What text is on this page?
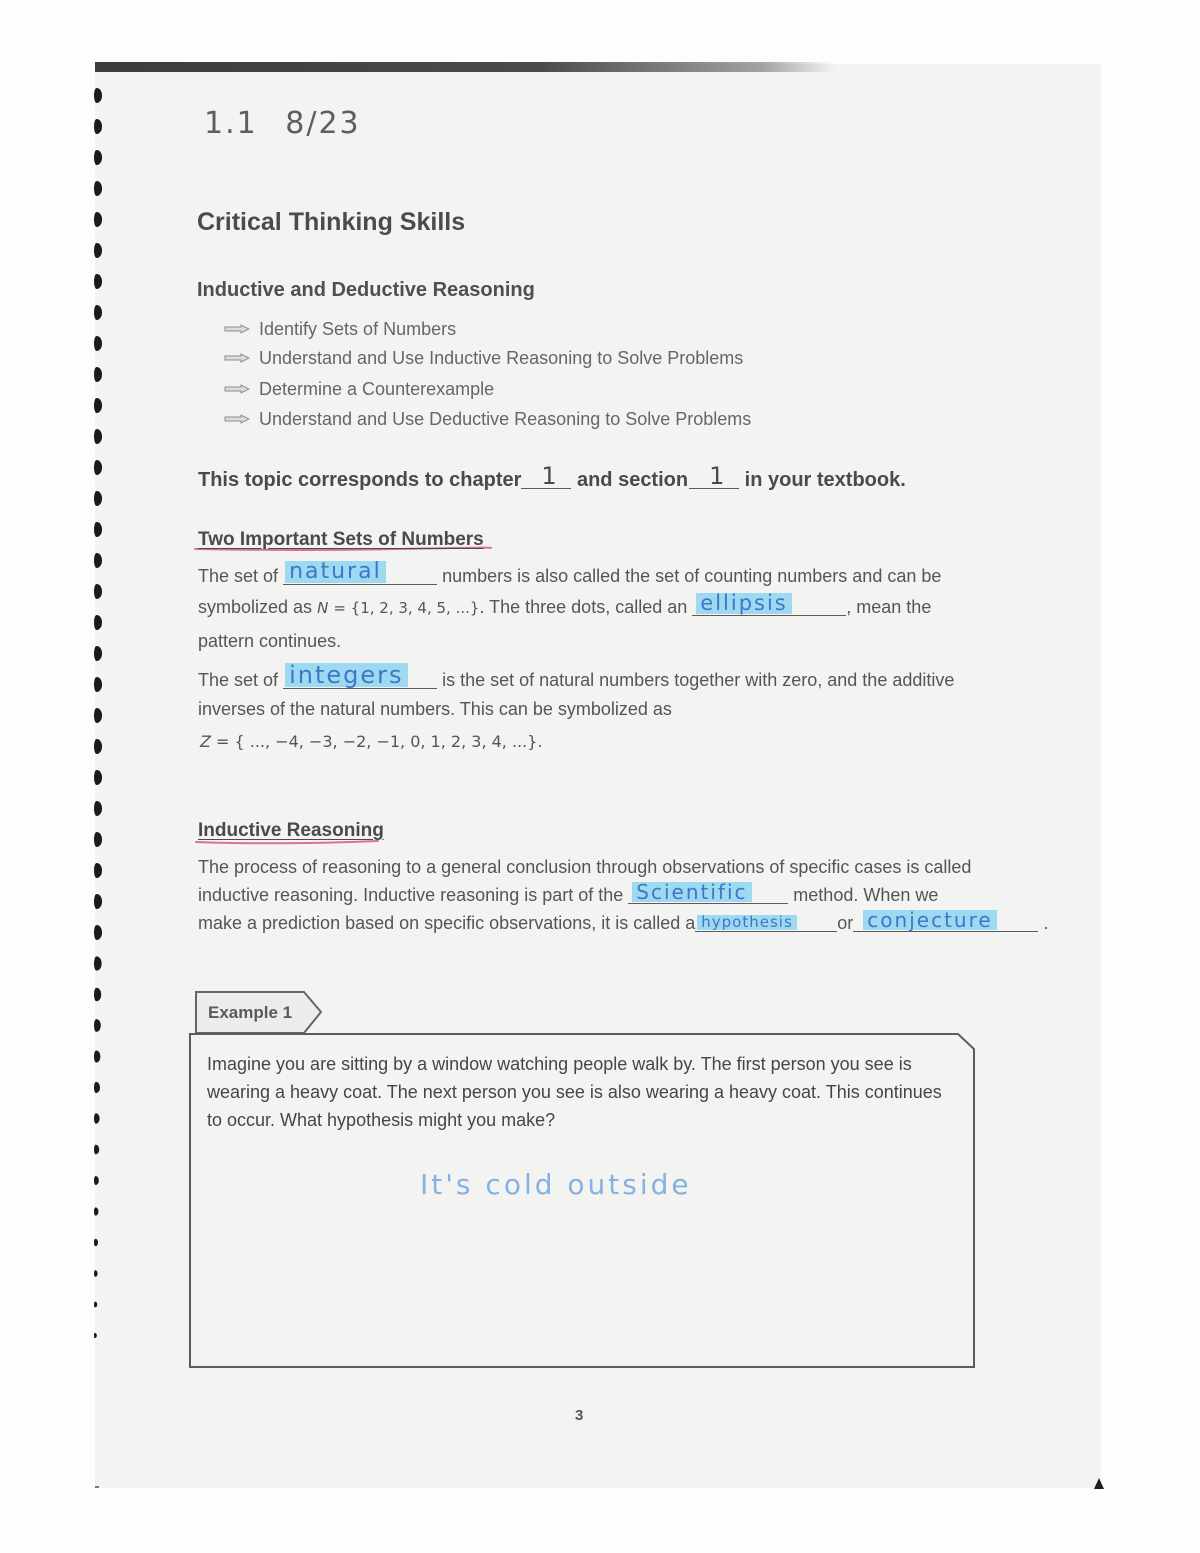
1.1 8/23
Critical Thinking Skills
Inductive and Deductive Reasoning
Identify Sets of Numbers
Understand and Use Inductive Reasoning to Solve Problems
Determine a Counterexample
Understand and Use Deductive Reasoning to Solve Problems
This topic corresponds to chapter 1 and section 1 in your textbook.
Two Important Sets of Numbers
The set of natural	numbers is also called the set of counting numbers and can be
symbolized as N = {1, 2, 3, 4, 5, ...}. The three dots, called an ellipsis	, mean the
pattern continues.
The set of integers is the set of natural numbers together with zero, and the additive
inverses of the natural numbers. This can be symbolized as
Z = { ..., −4, −3, −2, −1, 0, 1, 2, 3, 4, ...}.
Inductive Reasoning
The process of reasoning to a general conclusion through observations of specific cases is called
inductive reasoning. Inductive reasoning is part of the Scientific	method. When we
make a prediction based on specific observations, it is called a hypothesis or conjecture	.
Example 1
Imagine you are sitting by a window watching people walk by. The first person you see is
wearing a heavy coat. The next person you see is also wearing a heavy coat. This continues
to occur. What hypothesis might you make?
It's cold outside
3
